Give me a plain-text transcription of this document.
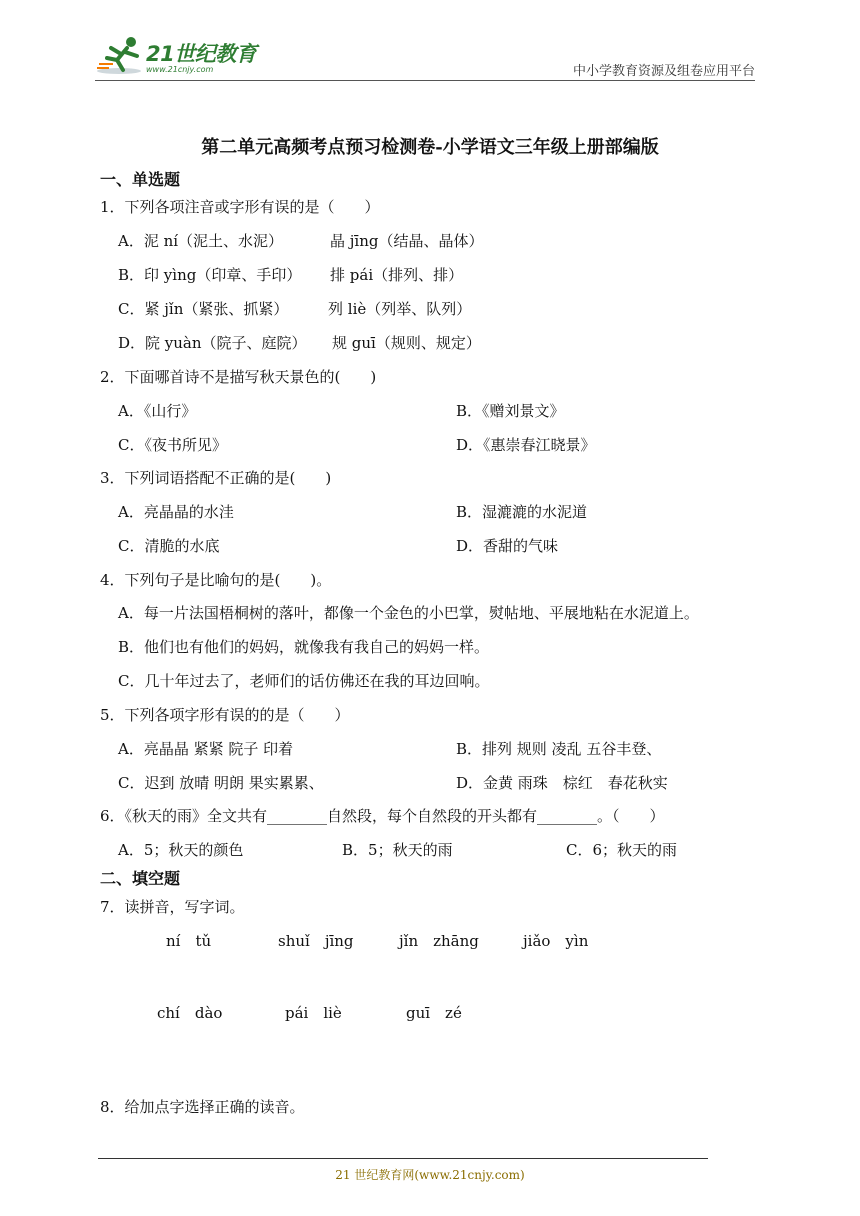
21世纪教育
www.21cnjy.com	中小学教育资源及组卷应用平台
第二单元高频考点预习检测卷-小学语文三年级上册部编版
一、单选题
1．下列各项注音或字形有误的是（　　）
A．泥 ní（泥土、水泥）	晶 jīng（结晶、晶体）
B．印 yìng（印章、手印） 排 pái（排列、排）
C．紧 jǐn（紧张、抓紧）	列 liè（列举、队列）
D．院 yuàn（院子、庭院） 规 guī（规则、规定）
2．下面哪首诗不是描写秋天景色的(　　)
A．《山行》	B．《赠刘景文》
C．《夜书所见》	D．《惠崇春江晓景》
3．下列词语搭配不正确的是(　　)
A．亮晶晶的水洼	B．湿漉漉的水泥道
C．清脆的水底	D．香甜的气味
4．下列句子是比喻句的是(　　)。
A．每一片法国梧桐树的落叶，都像一个金色的小巴掌，熨帖地、平展地粘在水泥道上。
B．他们也有他们的妈妈，就像我有我自己的妈妈一样。
C．几十年过去了，老师们的话仿佛还在我的耳边回响。
5．下列各项字形有误的的是（　　）
A．亮晶晶 紧紧 院子 印着	B．排列 规则 凌乱 五谷丰登、
C．迟到 放晴 明朗 果实累累、	D．金黄 雨珠　棕红　春花秋实
6．《秋天的雨》全文共有________自然段，每个自然段的开头都有________。（　　）
A．5；秋天的颜色	B．5；秋天的雨	C．6；秋天的雨
二、填空题
7．读拼音，写字词。
ní　tǔ	shuǐ　jīng	jǐn　zhāng	jiǎo　yìn
chí　dào	pái　liè	guī　zé
8．给加点字选择正确的读音。
21 世纪教育网(www.21cnjy.com)
